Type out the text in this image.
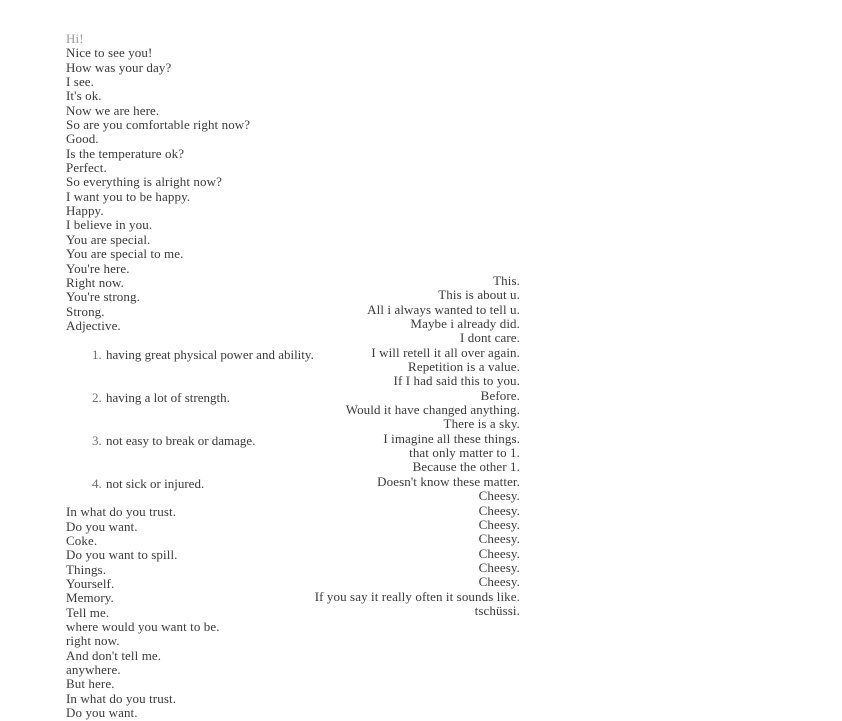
Hi!
Nice to see you!
How was your day?
I see.
It's ok.
Now we are here.
So are you comfortable right now?
Good.
Is the temperature ok?
Perfect.
So everything is alright now?
I want you to be happy.
Happy.
I believe in you.
You are special.
You are special to me.
You're here.
Right now.
You're strong.
Strong.
Adjective.

1. having great physical power and ability.

2. having a lot of strength.

3. not easy to break or damage.

4. not sick or injured.

In what do you trust.
Do you want.
Coke.
Do you want to spill.
Things.
Yourself.
Memory.
Tell me.
where would you want to be.
right now.
And don't tell me.
anywhere.
But here.
In what do you trust.
Do you want.
This.
This is about u.
All i always wanted to tell u.
Maybe i already did.
I dont care.
I will retell it all over again.
Repetition is a value.
If I had said this to you.
Before.
Would it have changed anything.
There is a sky.
I imagine all these things.
that only matter to 1.
Because the other 1.
Doesn't know these matter.
Cheesy.
Cheesy.
Cheesy.
Cheesy.
Cheesy.
Cheesy.
Cheesy.
If you say it really often it sounds like.
tschüssi.
